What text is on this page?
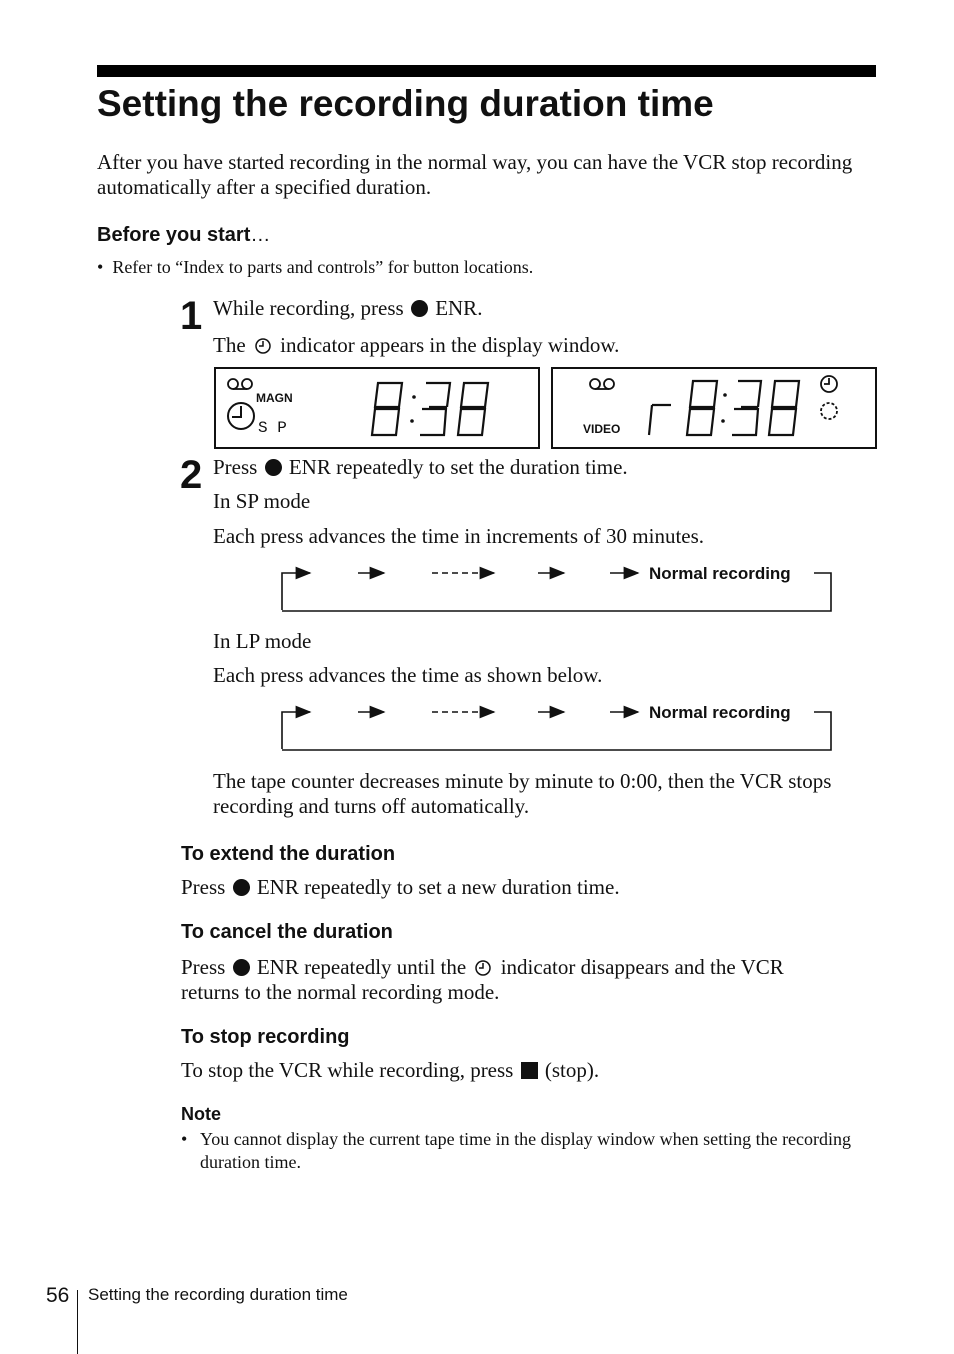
Setting the recording duration time
After you have started recording in the normal way, you can have the VCR stop recording automatically after a specified duration.
Before you start…
•  Refer to “Index to parts and controls” for button locations.
1 While recording, press ENR.
The indicator appears in the display window.
MAGN
S P	VIDEO
2 Press ENR repeatedly to set the duration time.
In SP mode
Each press advances the time in increments of 30 minutes.
Normal recording
In LP mode
Each press advances the time as shown below.
Normal recording
The tape counter decreases minute by minute to 0:00, then the VCR stops recording and turns off automatically.
To extend the duration
Press ENR repeatedly to set a new duration time.
To cancel the duration
Press ENR repeatedly until the indicator disappears and the VCR returns to the normal recording mode.
To stop recording
To stop the VCR while recording, press (stop).
Note
• You cannot display the current tape time in the display window when setting the recording duration time.
56 Setting the recording duration time
